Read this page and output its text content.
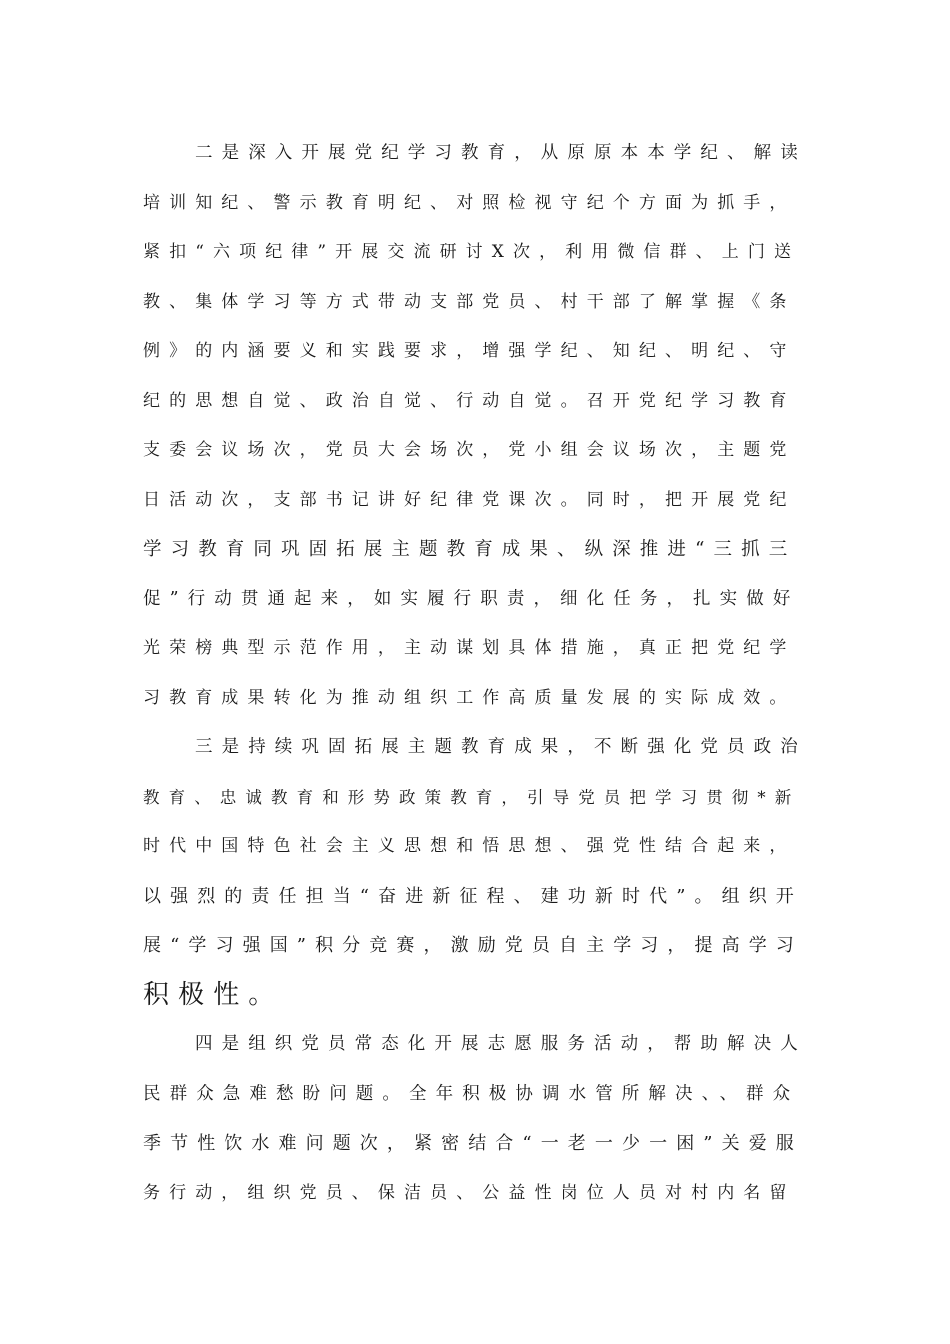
二是深入开展党纪学习教育，从原原本本学纪、解读
培训知纪、警示教育明纪、对照检视守纪个方面为抓手，
紧扣“六项纪律”开展交流研讨X次，利用微信群、上门送
教、集体学习等方式带动支部党员、村干部了解掌握《条
例》的内涵要义和实践要求，增强学纪、知纪、明纪、守
纪的思想自觉、政治自觉、行动自觉。召开党纪学习教育
支委会议场次，党员大会场次，党小组会议场次，主题党
日活动次，支部书记讲好纪律党课次。同时，把开展党纪
学习教育同巩固拓展主题教育成果、纵深推进“三抓三
促”行动贯通起来，如实履行职责，细化任务，扎实做好
光荣榜典型示范作用，主动谋划具体措施，真正把党纪学
习教育成果转化为推动组织工作高质量发展的实际成效。
三是持续巩固拓展主题教育成果，不断强化党员政治
教育、忠诚教育和形势政策教育，引导党员把学习贯彻*新
时代中国特色社会主义思想和悟思想、强党性结合起来，
以强烈的责任担当“奋进新征程、建功新时代”。组织开
展“学习强国”积分竞赛，激励党员自主学习，提高学习
积极性。
四是组织党员常态化开展志愿服务活动，帮助解决人
民群众急难愁盼问题。全年积极协调水管所解决、、群众
季节性饮水难问题次，紧密结合“一老一少一困”关爱服
务行动，组织党员、保洁员、公益性岗位人员对村内名留
